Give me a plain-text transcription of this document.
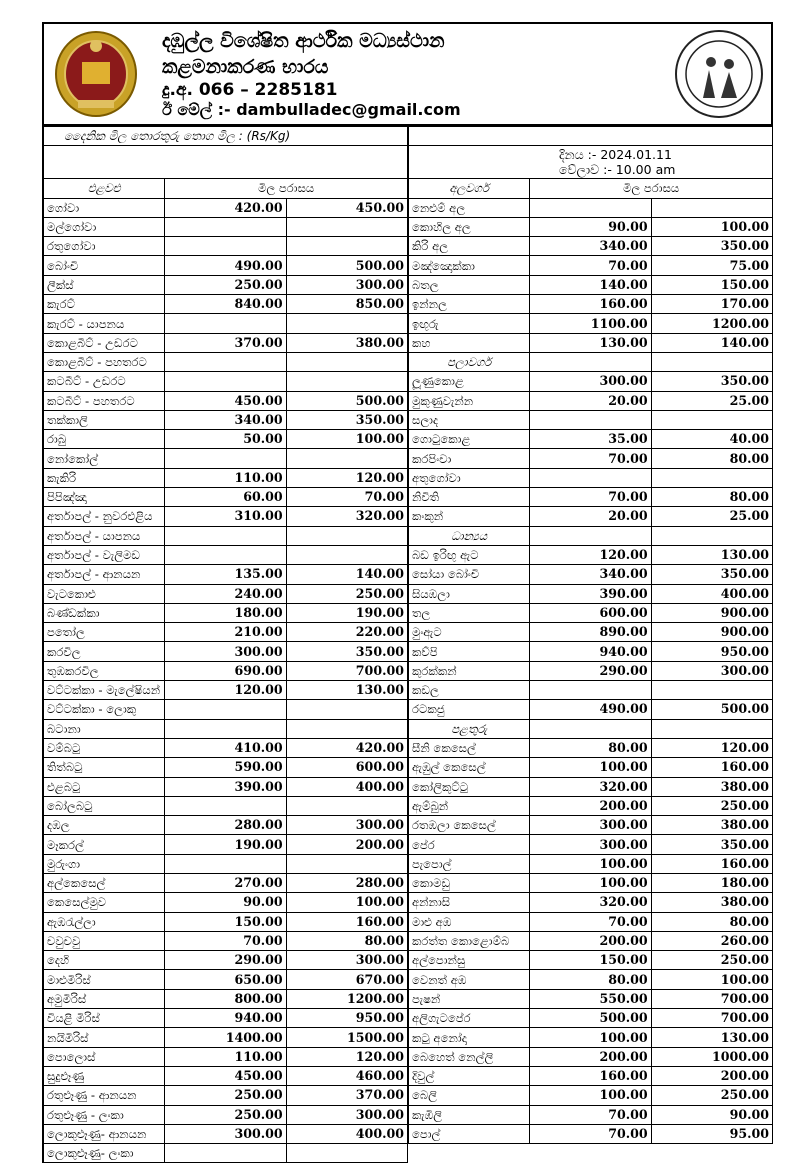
දඹුල්ල විශේෂිත ආර්ථික මධ්‍යස්ථාන
කළමනාකරණ භාරය
දු.අ. 066 – 2285181
ඊ මේල් :- dambulladec@gmail.com
දෛනික මිල තොරතුරු තොග මිල : (Rs/Kg)		

එළවළු	මිල පරාසය	
ගෝවා	420.00	450.00
මල්ගෝවා		
රතුගෝවා		
බෝංචි	490.00	500.00
ලීක්ස්	250.00	300.00
කැරට්	840.00	850.00
කැරට් - යාපනය		
කොළබීට් - උඩරට	370.00	380.00
කොළබීට් - පහතරට		
කටබීට් - උඩරට		
කටබීට් - පහතරට	450.00	500.00
තක්කාලි	340.00	350.00
රාබු	50.00	100.00
නෝකෝල්		
කැකිරි	110.00	120.00
පිපිඤ්ඤා	60.00	70.00
අර්තාපල් - නුවරඑළිය	310.00	320.00
අර්තාපල් - යාපනය		
අර්තාපල් - වැලිමඩ		
අර්තාපල් - ආනයන	135.00	140.00
වැටකොළු	240.00	250.00
බණ්ඩක්කා	180.00	190.00
පතෝල	210.00	220.00
කරවිල	300.00	350.00
තුඹකරවිල	690.00	700.00
වට්ටක්කා - මැලේෂියන්	120.00	130.00
වට්ටක්කා - ලොකු		
බටානා		
වම්බටු	410.00	420.00
තිත්බටු	590.00	600.00
එළබටු	390.00	400.00
බෝලබටු		
දඹල	280.00	300.00
මෑකරල්	190.00	200.00
මුරුංගා		
අල්කෙසෙල්	270.00	280.00
කෙසෙල්මුව	90.00	100.00
ඇඹරැල්ලා	150.00	160.00
චවුචවු	70.00	80.00
දෙහි	290.00	300.00
මාළුමිරිස්	650.00	670.00
අමුමිරිස්	800.00	1200.00
වියළි මිරිස්	940.00	950.00
නයිමිරිස්	1400.00	1500.00
පොලොස්	110.00	120.00
සුදුළූණු	450.00	460.00
රතුළූණු - ආනයන	250.00	370.00
රතුළූණු - ලංකා	250.00	300.00
ලොකුළූණු- ආනයන	300.00	400.00
ලොකුළූණු- ලංකා		

දිනය :- 2024.01.11
වේලාව :- 10.00 am		
අලවර්ග	මිල පරාසය	
නෙළුම් අල		
කොහිල අල	90.00	100.00
කිරි අල	340.00	350.00
මඤ්ඤොක්කා	70.00	75.00
බතල	140.00	150.00
ඉන්නල	160.00	170.00
ඉඟුරු	1100.00	1200.00
කහ	130.00	140.00
පලාවර්ග		
ලූණුකොළ	300.00	350.00
මුකුණුවැන්න	20.00	25.00
සලාද		
ගොටුකොළ	35.00	40.00
කරපිංචා	70.00	80.00
අතුගෝවා		
නිවිති	70.00	80.00
කංකුන්	20.00	25.00
ධාන්‍යය		
බඩ ඉරිඟු ඇට	120.00	130.00
සෝයා බෝංචි	340.00	350.00
සියඹලා	390.00	400.00
තල	600.00	900.00
මුංඇට	890.00	900.00
කව්පි	940.00	950.00
කුරක්කන්	290.00	300.00
කඩල		
රටකජු	490.00	500.00
පළතුරු		
සීනි කෙසෙල්	80.00	120.00
ඇඹුල් කෙසෙල්	100.00	160.00
කෝලිකුට්ටු	320.00	380.00
ඇම්බුන්	200.00	250.00
රතඹලා කෙසෙල්	300.00	380.00
පේර	300.00	350.00
පැපොල්	100.00	160.00
කොමඩු	100.00	180.00
අන්නාසි	320.00	380.00
මාළු අඹ	70.00	80.00
කරත්ත කොළොම්බ	200.00	260.00
අල්පොන්සු	150.00	250.00
වෙනත් අඹ	80.00	100.00
පැෂන්	550.00	700.00
අලිගැටපේර	500.00	700.00
කටු අනෝදා	100.00	130.00
බෙහෙත් නෙල්ලි	200.00	1000.00
දිවුල්	160.00	200.00
බෙලි	100.00	250.00
කැඹිලි	70.00	90.00
පොල්	70.00	95.00
